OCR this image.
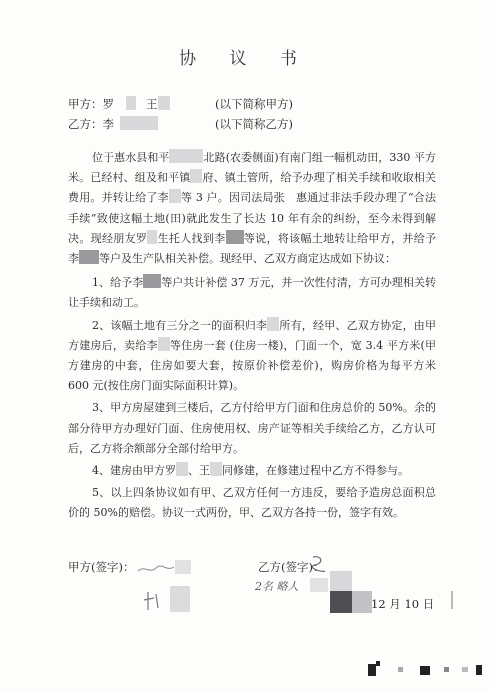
协 议 书
甲方：罗	王	(以下简称甲方)
乙方：李	(以下简称乙方)

位于惠水县和平	北路(农委侧面)有南门组一幅机动田，330 平方米。已经村、组及和平镇 府、镇土管所，给予办理了相关手续和收取相关费用。并转让给了李 等 3 户。因司法局张　惠通过非法手段办理了“合法手续”致使这幅土地(田)就此发生了长达 10 年有余的纠纷，至今未得到解决。现经朋友罗 生托人找到李 等说，将该幅土地转让给甲方，并给予李 等户及生产队相关补偿。现经甲、乙双方商定达成如下协议：

1、给予李 等户共计补偿 37 万元，并一次性付清，方可办理相关转让手续和动工。

2、该幅土地有三分之一的面积归李 所有，经甲、乙双方协定，由甲方建房后，卖给李 等住房一套 (住房一楼)，门面一个，宽 3.4 平方米(甲方建房的中套，住房如要大套，按原价补偿差价)，购房价格为每平方米 600 元(按住房门面实际面积计算)。

3、甲方房屋建到三楼后，乙方付给甲方门面和住房总价的 50%。余的部分待甲方办理好门面、住房使用权、房产证等相关手续给乙方，乙方认可后，乙方将余额部分全部付给甲方。

4、建房由甲方罗 、王 同修建，在修建过程中乙方不得参与。

5、以上四条协议如有甲、乙双方任何一方违反，要给予造房总面积总价的 50%的赔偿。协议一式两份，甲、乙双方各持一份，签字有效。

甲方(签字)：	乙方(签字)：
2名 略人
12 月 10 日
